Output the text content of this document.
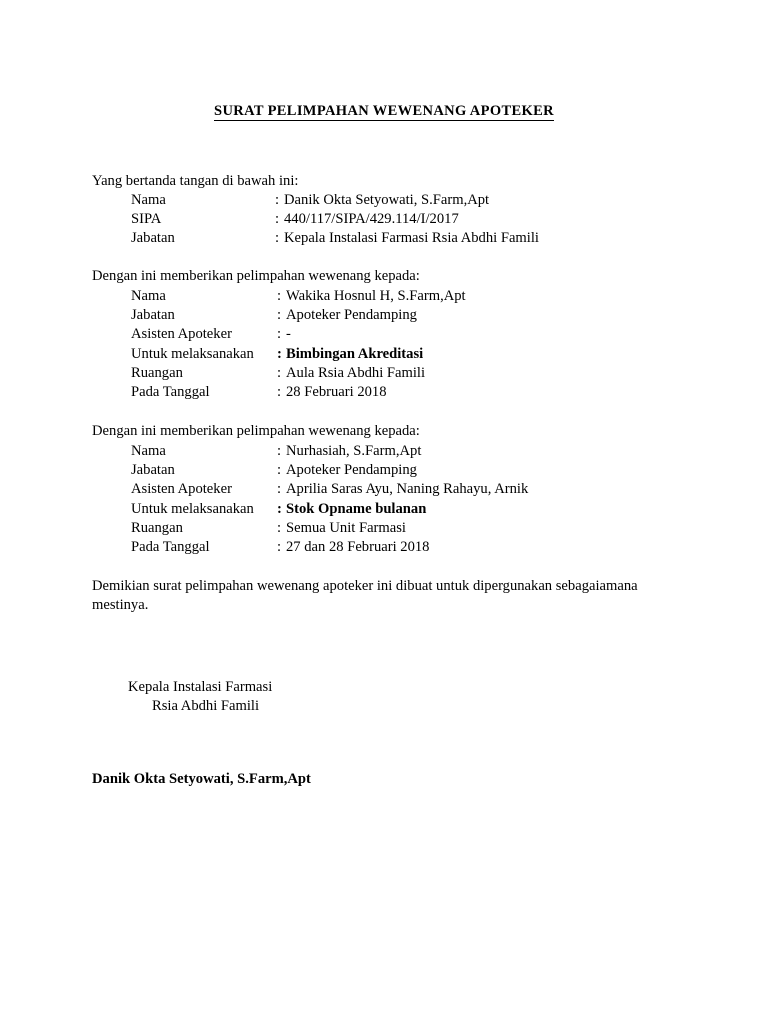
SURAT PELIMPAHAN WEWENANG APOTEKER
Yang bertanda tangan di bawah ini:
Nama	: Danik Okta Setyowati, S.Farm,Apt
SIPA	: 440/117/SIPA/429.114/I/2017
Jabatan	: Kepala Instalasi Farmasi Rsia Abdhi Famili
Dengan ini memberikan pelimpahan wewenang kepada:
Nama	: Wakika Hosnul H, S.Farm,Apt
Jabatan	: Apoteker Pendamping
Asisten Apoteker	: -
Untuk melaksanakan	: Bimbingan Akreditasi
Ruangan	: Aula Rsia Abdhi Famili
Pada Tanggal	: 28 Februari 2018
Dengan ini memberikan pelimpahan wewenang kepada:
Nama	: Nurhasiah, S.Farm,Apt
Jabatan	: Apoteker Pendamping
Asisten Apoteker	: Aprilia Saras Ayu, Naning Rahayu, Arnik
Untuk melaksanakan	: Stok Opname bulanan
Ruangan	: Semua Unit Farmasi
Pada Tanggal	: 27 dan 28 Februari 2018
Demikian surat pelimpahan wewenang apoteker ini dibuat untuk dipergunakan sebagaiamana mestinya.
Kepala Instalasi Farmasi
Rsia Abdhi Famili
Danik Okta Setyowati, S.Farm,Apt
